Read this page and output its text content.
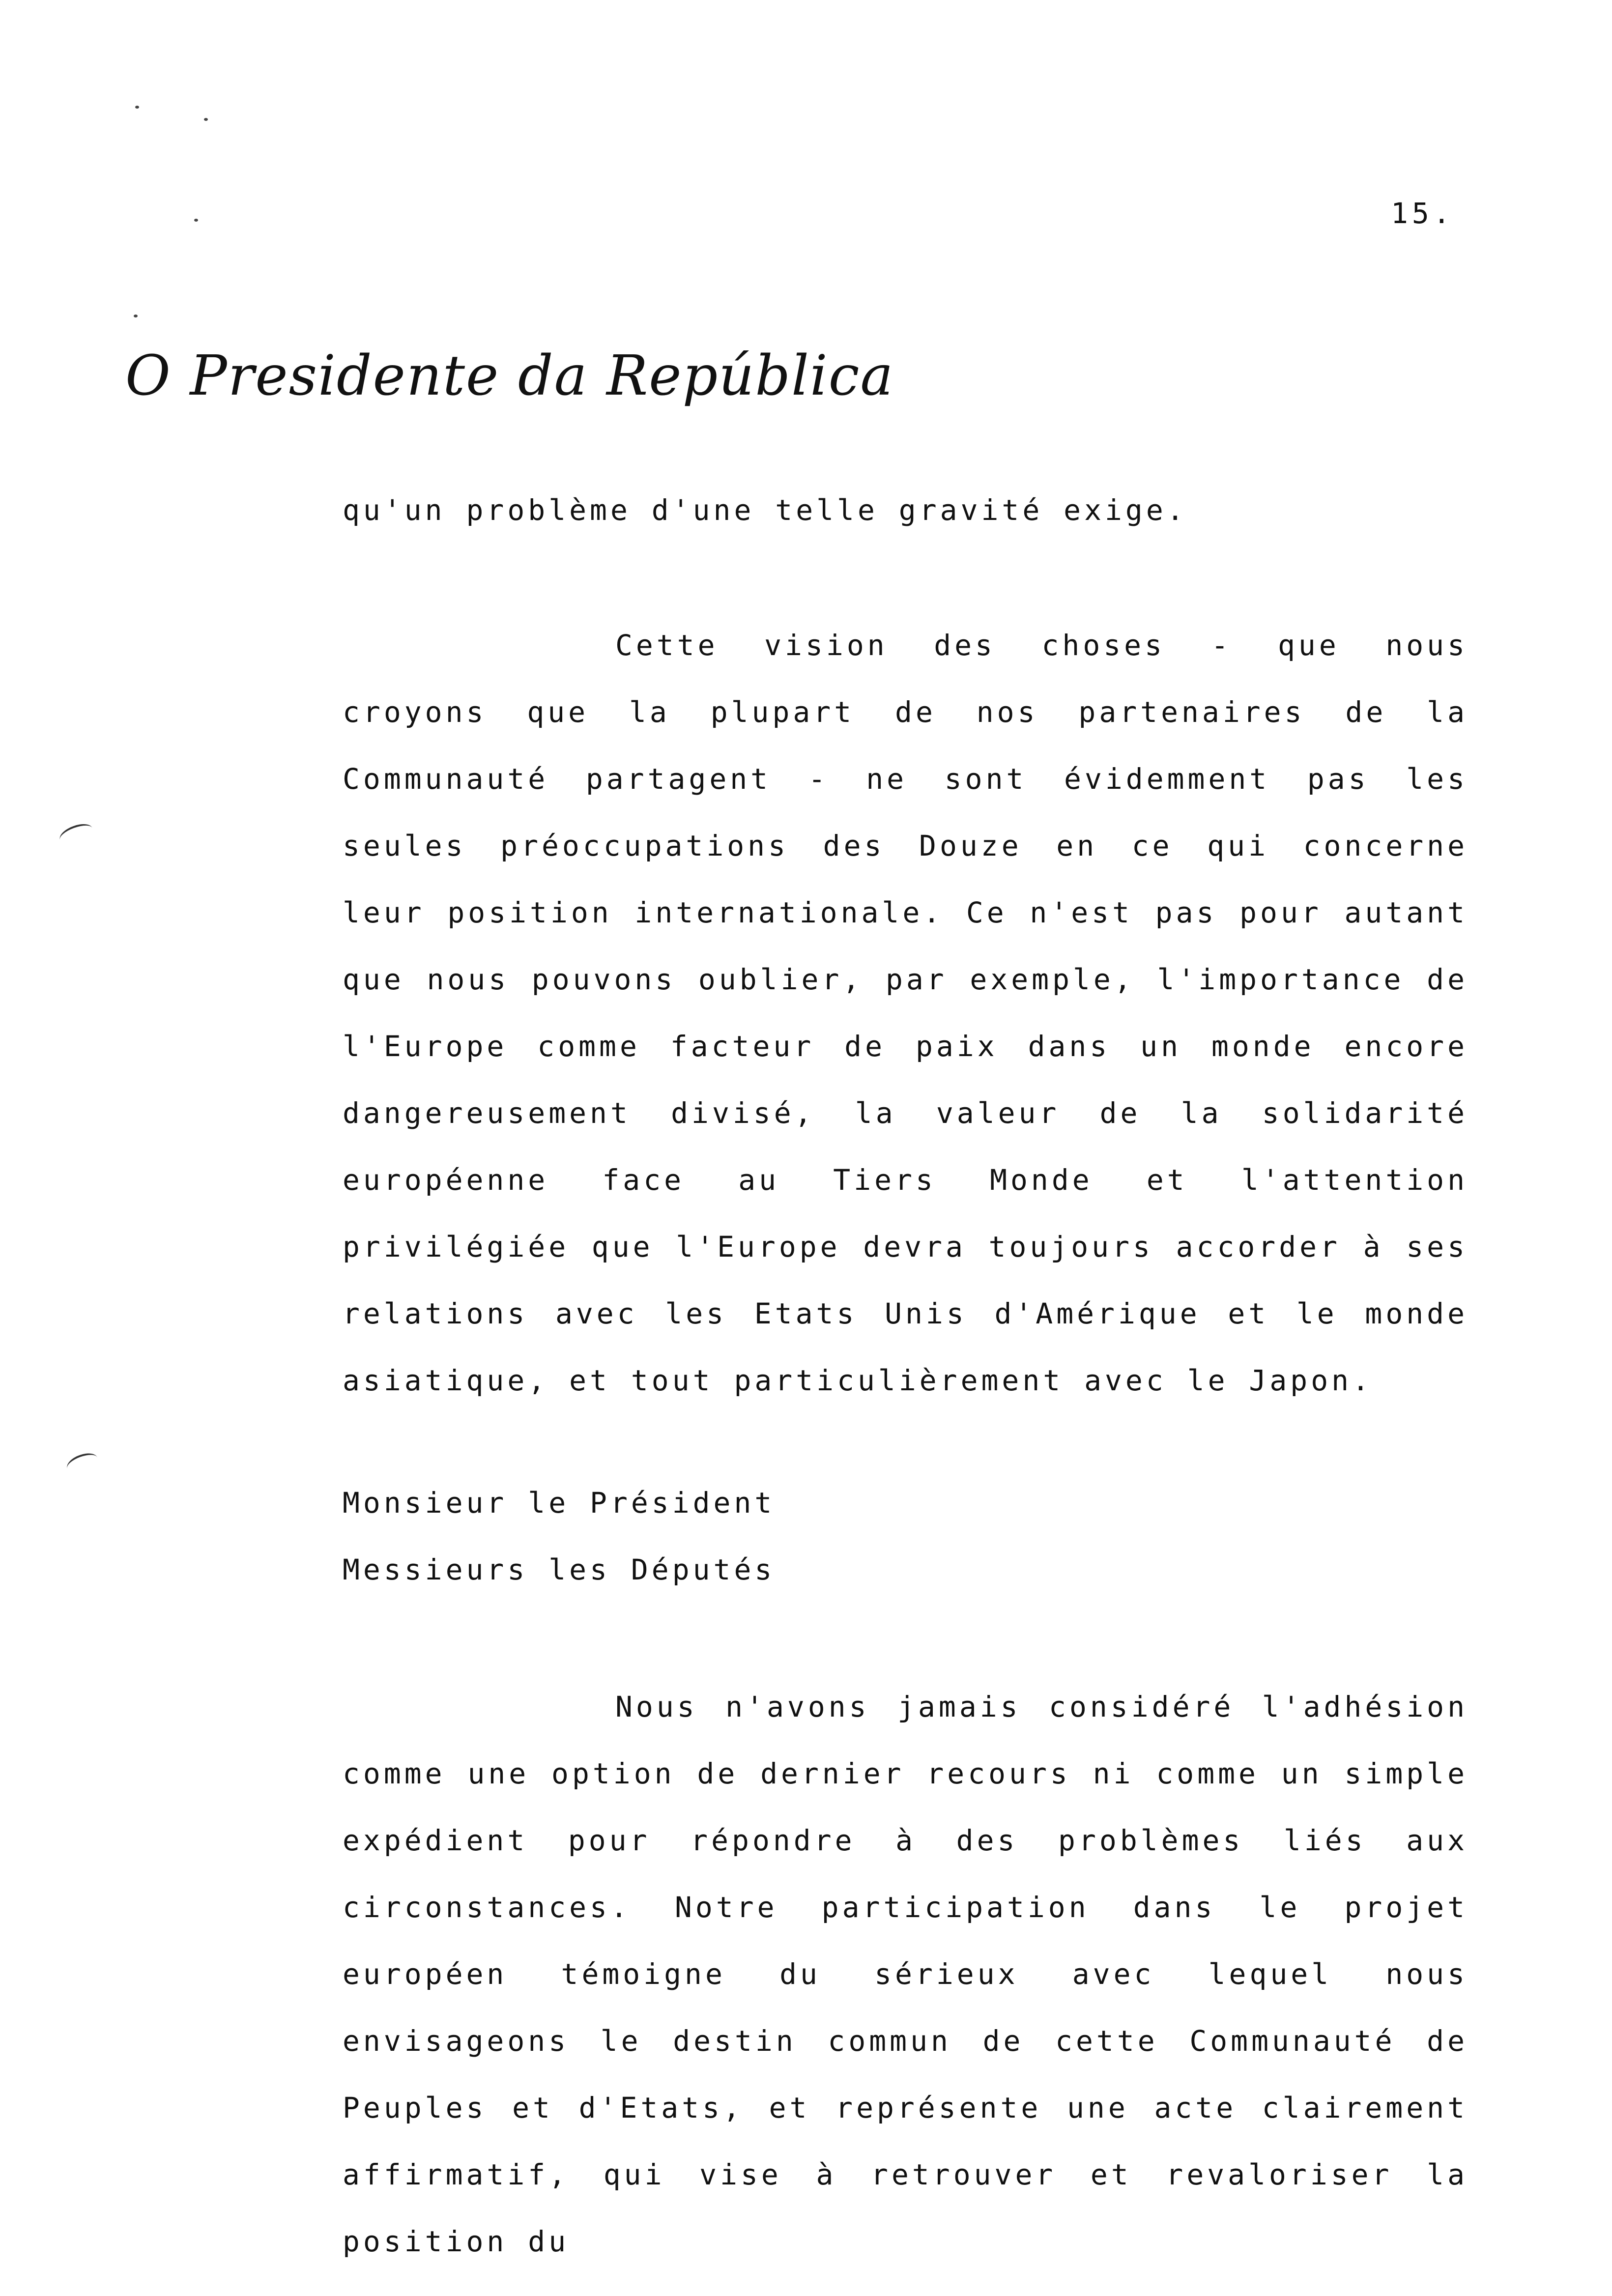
15.
O Presidente da República

qu'un problème d'une telle gravité exige.

Cette vision des choses - que nous croyons que la plupart de nos partenaires de la Communauté partagent - ne sont évidemment pas les seules préoccupations des Douze en ce qui concerne leur position internationale. Ce n'est pas pour autant que nous pouvons oublier, par exemple, l'importance de l'Europe comme facteur de paix dans un monde encore dangereusement divisé, la valeur de la solidarité européenne face au Tiers Monde et l'attention privilégiée que l'Europe devra toujours accorder à ses relations avec les Etats Unis d'Amérique et le monde asiatique, et tout particulièrement avec le Japon.

Monsieur le Président
Messieurs les Députés

Nous n'avons jamais considéré l'adhésion comme une option de dernier recours ni comme un simple expédient pour répondre à des problèmes liés aux circonstances. Notre participation dans le projet européen témoigne du sérieux avec lequel nous envisageons le destin commun de cette Communauté de Peuples et d'Etats, et représente une acte clairement affirmatif, qui vise à retrouver et revaloriser la position du
